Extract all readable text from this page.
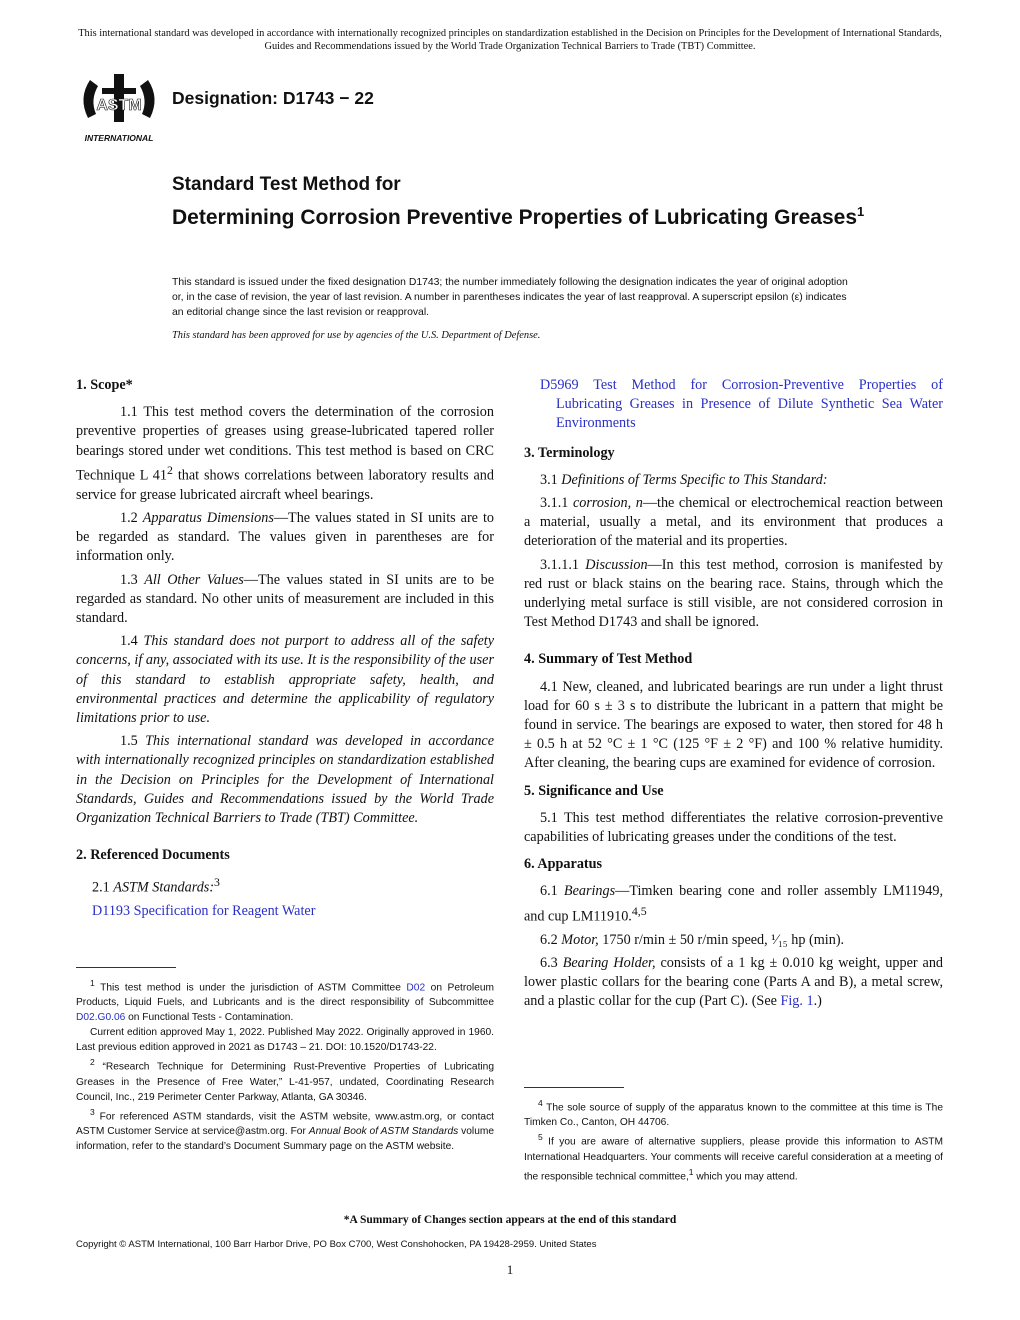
This international standard was developed in accordance with internationally recognized principles on standardization established in the Decision on Principles for the Development of International Standards, Guides and Recommendations issued by the World Trade Organization Technical Barriers to Trade (TBT) Committee.
ASTM
INTERNATIONAL
Designation: D1743 − 22
Standard Test Method for
Determining Corrosion Preventive Properties of Lubricating Greases$^1$
This standard is issued under the fixed designation D1743; the number immediately following the designation indicates the year of original adoption or, in the case of revision, the year of last revision. A number in parentheses indicates the year of last reapproval. A superscript epsilon (ε) indicates an editorial change since the last revision or reapproval.
This standard has been approved for use by agencies of the U.S. Department of Defense.

1. Scope*

1.1 This test method covers the determination of the corrosion preventive properties of greases using grease-lubricated tapered roller bearings stored under wet conditions. This test method is based on CRC Technique L $41^2$ that shows correlations between laboratory results and service for grease lubricated aircraft wheel bearings.

1.2 Apparatus Dimensions—The values stated in SI units are to be regarded as standard. The values given in parentheses are for information only.

1.3 All Other Values—The values stated in SI units are to be regarded as standard. No other units of measurement are included in this standard.

1.4 This standard does not purport to address all of the safety concerns, if any, associated with its use. It is the responsibility of the user of this standard to establish appropriate safety, health, and environmental practices and determine the applicability of regulatory limitations prior to use.

1.5 This international standard was developed in accordance with internationally recognized principles on standardization established in the Decision on Principles for the Development of International Standards, Guides and Recommendations issued by the World Trade Organization Technical Barriers to Trade (TBT) Committee.

2. Referenced Documents

2.1 ASTM Standards:$^3$

D1193 Specification for Reagent Water

D5969 Test Method for Corrosion-Preventive Properties of Lubricating Greases in Presence of Dilute Synthetic Sea Water Environments

3. Terminology

3.1 Definitions of Terms Specific to This Standard:

3.1.1 corrosion, n—the chemical or electrochemical reaction between a material, usually a metal, and its environment that produces a deterioration of the material and its properties.

3.1.1.1 Discussion—In this test method, corrosion is manifested by red rust or black stains on the bearing race. Stains, through which the underlying metal surface is still visible, are not considered corrosion in Test Method D1743 and shall be ignored.

4. Summary of Test Method

4.1 New, cleaned, and lubricated bearings are run under a light thrust load for 60 s ± 3 s to distribute the lubricant in a pattern that might be found in service. The bearings are exposed to water, then stored for 48 h ± 0.5 h at 52 °C ± 1 °C (125 °F ± 2 °F) and 100 % relative humidity. After cleaning, the bearing cups are examined for evidence of corrosion.

5. Significance and Use

5.1 This test method differentiates the relative corrosion-preventive capabilities of lubricating greases under the conditions of the test.

6. Apparatus

6.1 Bearings—Timken bearing cone and roller assembly LM11949, and cup LM11910.$^{4,5}$

6.2 Motor, 1750 r/min ± 50 r/min speed, ¹⁄₁₅ hp (min).

6.3 Bearing Holder, consists of a 1 kg ± 0.010 kg weight, upper and lower plastic collars for the bearing cone (Parts A and B), a metal screw, and a plastic collar for the cup (Part C). (See Fig. 1.)

$^1$ This test method is under the jurisdiction of ASTM Committee D02 on Petroleum Products, Liquid Fuels, and Lubricants and is the direct responsibility of Subcommittee D02.G0.06 on Functional Tests - Contamination.

Current edition approved May 1, 2022. Published May 2022. Originally approved in 1960. Last previous edition approved in 2021 as D1743 – 21. DOI: 10.1520/D1743-22.

$^2$ “Research Technique for Determining Rust-Preventive Properties of Lubricating Greases in the Presence of Free Water,” L-41-957, undated, Coordinating Research Council, Inc., 219 Perimeter Center Parkway, Atlanta, GA 30346.

$^3$ For referenced ASTM standards, visit the ASTM website, www.astm.org, or contact ASTM Customer Service at service@astm.org. For Annual Book of ASTM Standards volume information, refer to the standard’s Document Summary page on the ASTM website.

$^4$ The sole source of supply of the apparatus known to the committee at this time is The Timken Co., Canton, OH 44706.

$^5$ If you are aware of alternative suppliers, please provide this information to ASTM International Headquarters. Your comments will receive careful consideration at a meeting of the responsible technical committee,$^1$ which you may attend.

*A Summary of Changes section appears at the end of this standard
Copyright © ASTM International, 100 Barr Harbor Drive, PO Box C700, West Conshohocken, PA 19428-2959. United States
1
